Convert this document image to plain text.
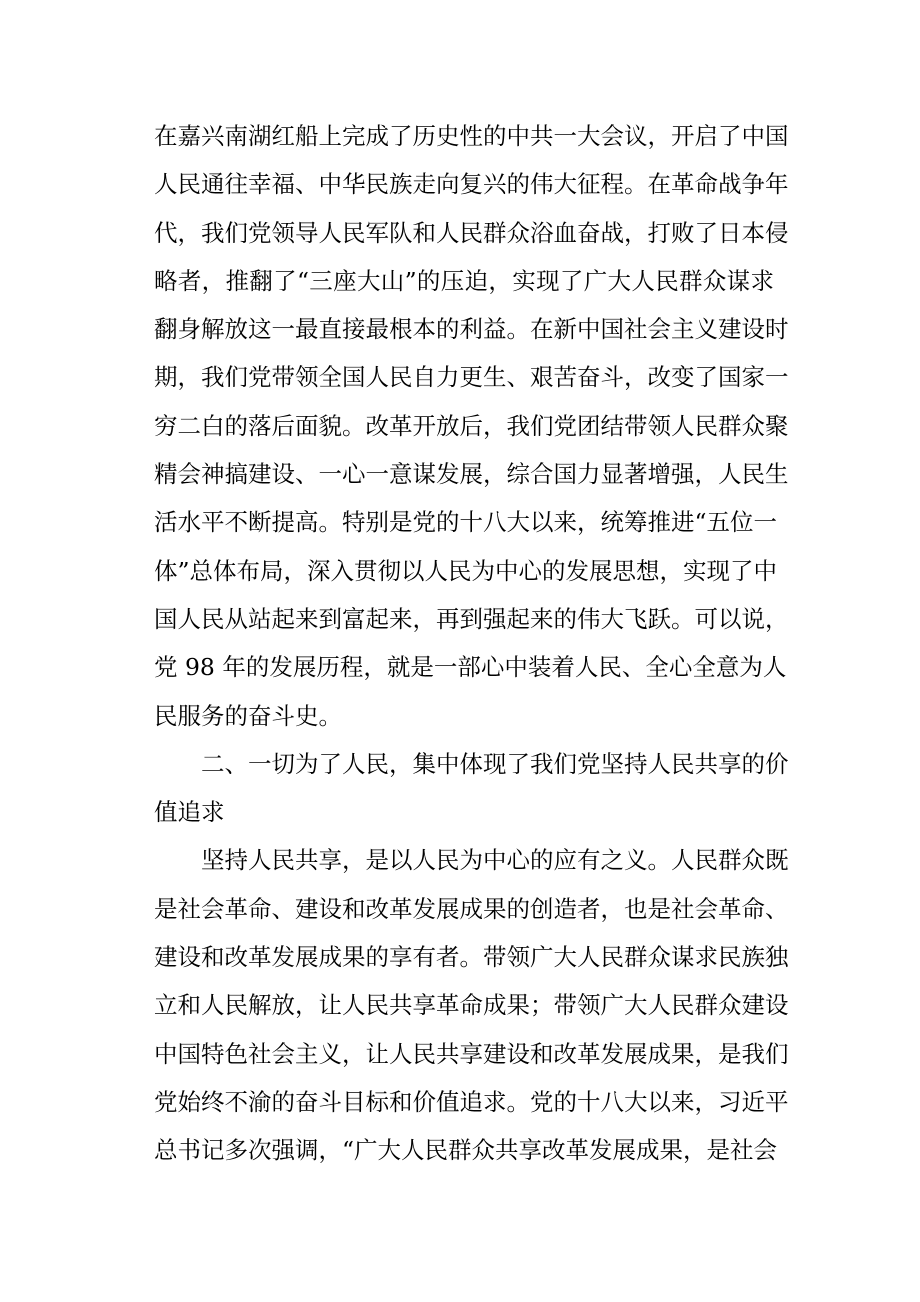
在嘉兴南湖红船上完成了历史性的中共一大会议，开启了中国
人民通往幸福、中华民族走向复兴的伟大征程。在革命战争年
代，我们党领导人民军队和人民群众浴血奋战，打败了日本侵
略者，推翻了“三座大山”的压迫，实现了广大人民群众谋求
翻身解放这一最直接最根本的利益。在新中国社会主义建设时
期，我们党带领全国人民自力更生、艰苦奋斗，改变了国家一
穷二白的落后面貌。改革开放后，我们党团结带领人民群众聚
精会神搞建设、一心一意谋发展，综合国力显著增强，人民生
活水平不断提高。特别是党的十八大以来，统筹推进“五位一
体”总体布局，深入贯彻以人民为中心的发展思想，实现了中
国人民从站起来到富起来，再到强起来的伟大飞跃。可以说，
党 98 年的发展历程，就是一部心中装着人民、全心全意为人
民服务的奋斗史。
二、一切为了人民，集中体现了我们党坚持人民共享的价
值追求
坚持人民共享，是以人民为中心的应有之义。人民群众既
是社会革命、建设和改革发展成果的创造者，也是社会革命、
建设和改革发展成果的享有者。带领广大人民群众谋求民族独
立和人民解放，让人民共享革命成果；带领广大人民群众建设
中国特色社会主义，让人民共享建设和改革发展成果，是我们
党始终不渝的奋斗目标和价值追求。党的十八大以来，习近平
总书记多次强调，“广大人民群众共享改革发展成果，是社会
